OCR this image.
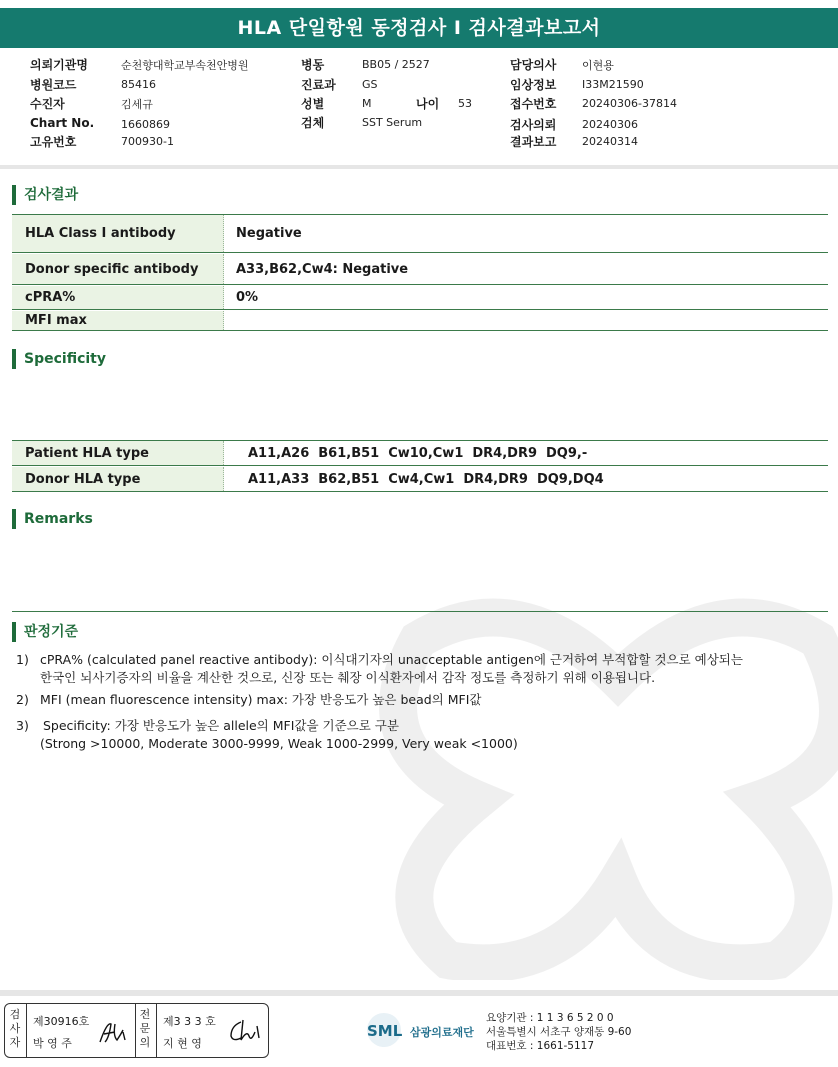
HLA 단일항원 동정검사 I 검사결과보고서
의뢰기관명	순천향대학교부속천안병원
병원코드	85416
수진자	김세규
Chart No. 1660869
고유번호	700930-1
병동	BB05 / 2527
진료과 GS
성별	M	나이 53
검체	SST Serum
담당의사 이현용
임상정보 I33M21590
접수번호 20240306-37814
검사의뢰 20240306
결과보고 20240314
검사결과
HLA Class I antibody	Negative
Donor specific antibody	A33,B62,Cw4: Negative
cPRA%	0%
MFI max
Specificity
Patient HLA type	A11,A26 B61,B51 Cw10,Cw1 DR4,DR9 DQ9,-
Donor HLA type	A11,A33 B62,B51 Cw4,Cw1 DR4,DR9 DQ9,DQ4
Remarks
판정기준
1) cPRA% (calculated panel reactive antibody): 이식대기자의 unacceptable antigen에 근거하여 부적합할 것으로 예상되는
한국인 뇌사기증자의 비율을 계산한 것으로, 신장 또는 췌장 이식환자에서 감작 정도를 측정하기 위해 이용됩니다.
2) MFI (mean fluorescence intensity) max: 가장 반응도가 높은 bead의 MFI값
3) Specificity: 가장 반응도가 높은 allele의 MFI값을 기준으로 구분
(Strong >10000, Moderate 3000-9999, Weak 1000-2999, Very weak <1000)
검사자
제30916호
박 영 주
전문의
제3 3 3 호
지 현 영
SML 삼광의료재단
요양기관 : 1 1 3 6 5 2 0 0
서울특별시 서초구 양재동 9-60
대표번호 : 1661-5117
